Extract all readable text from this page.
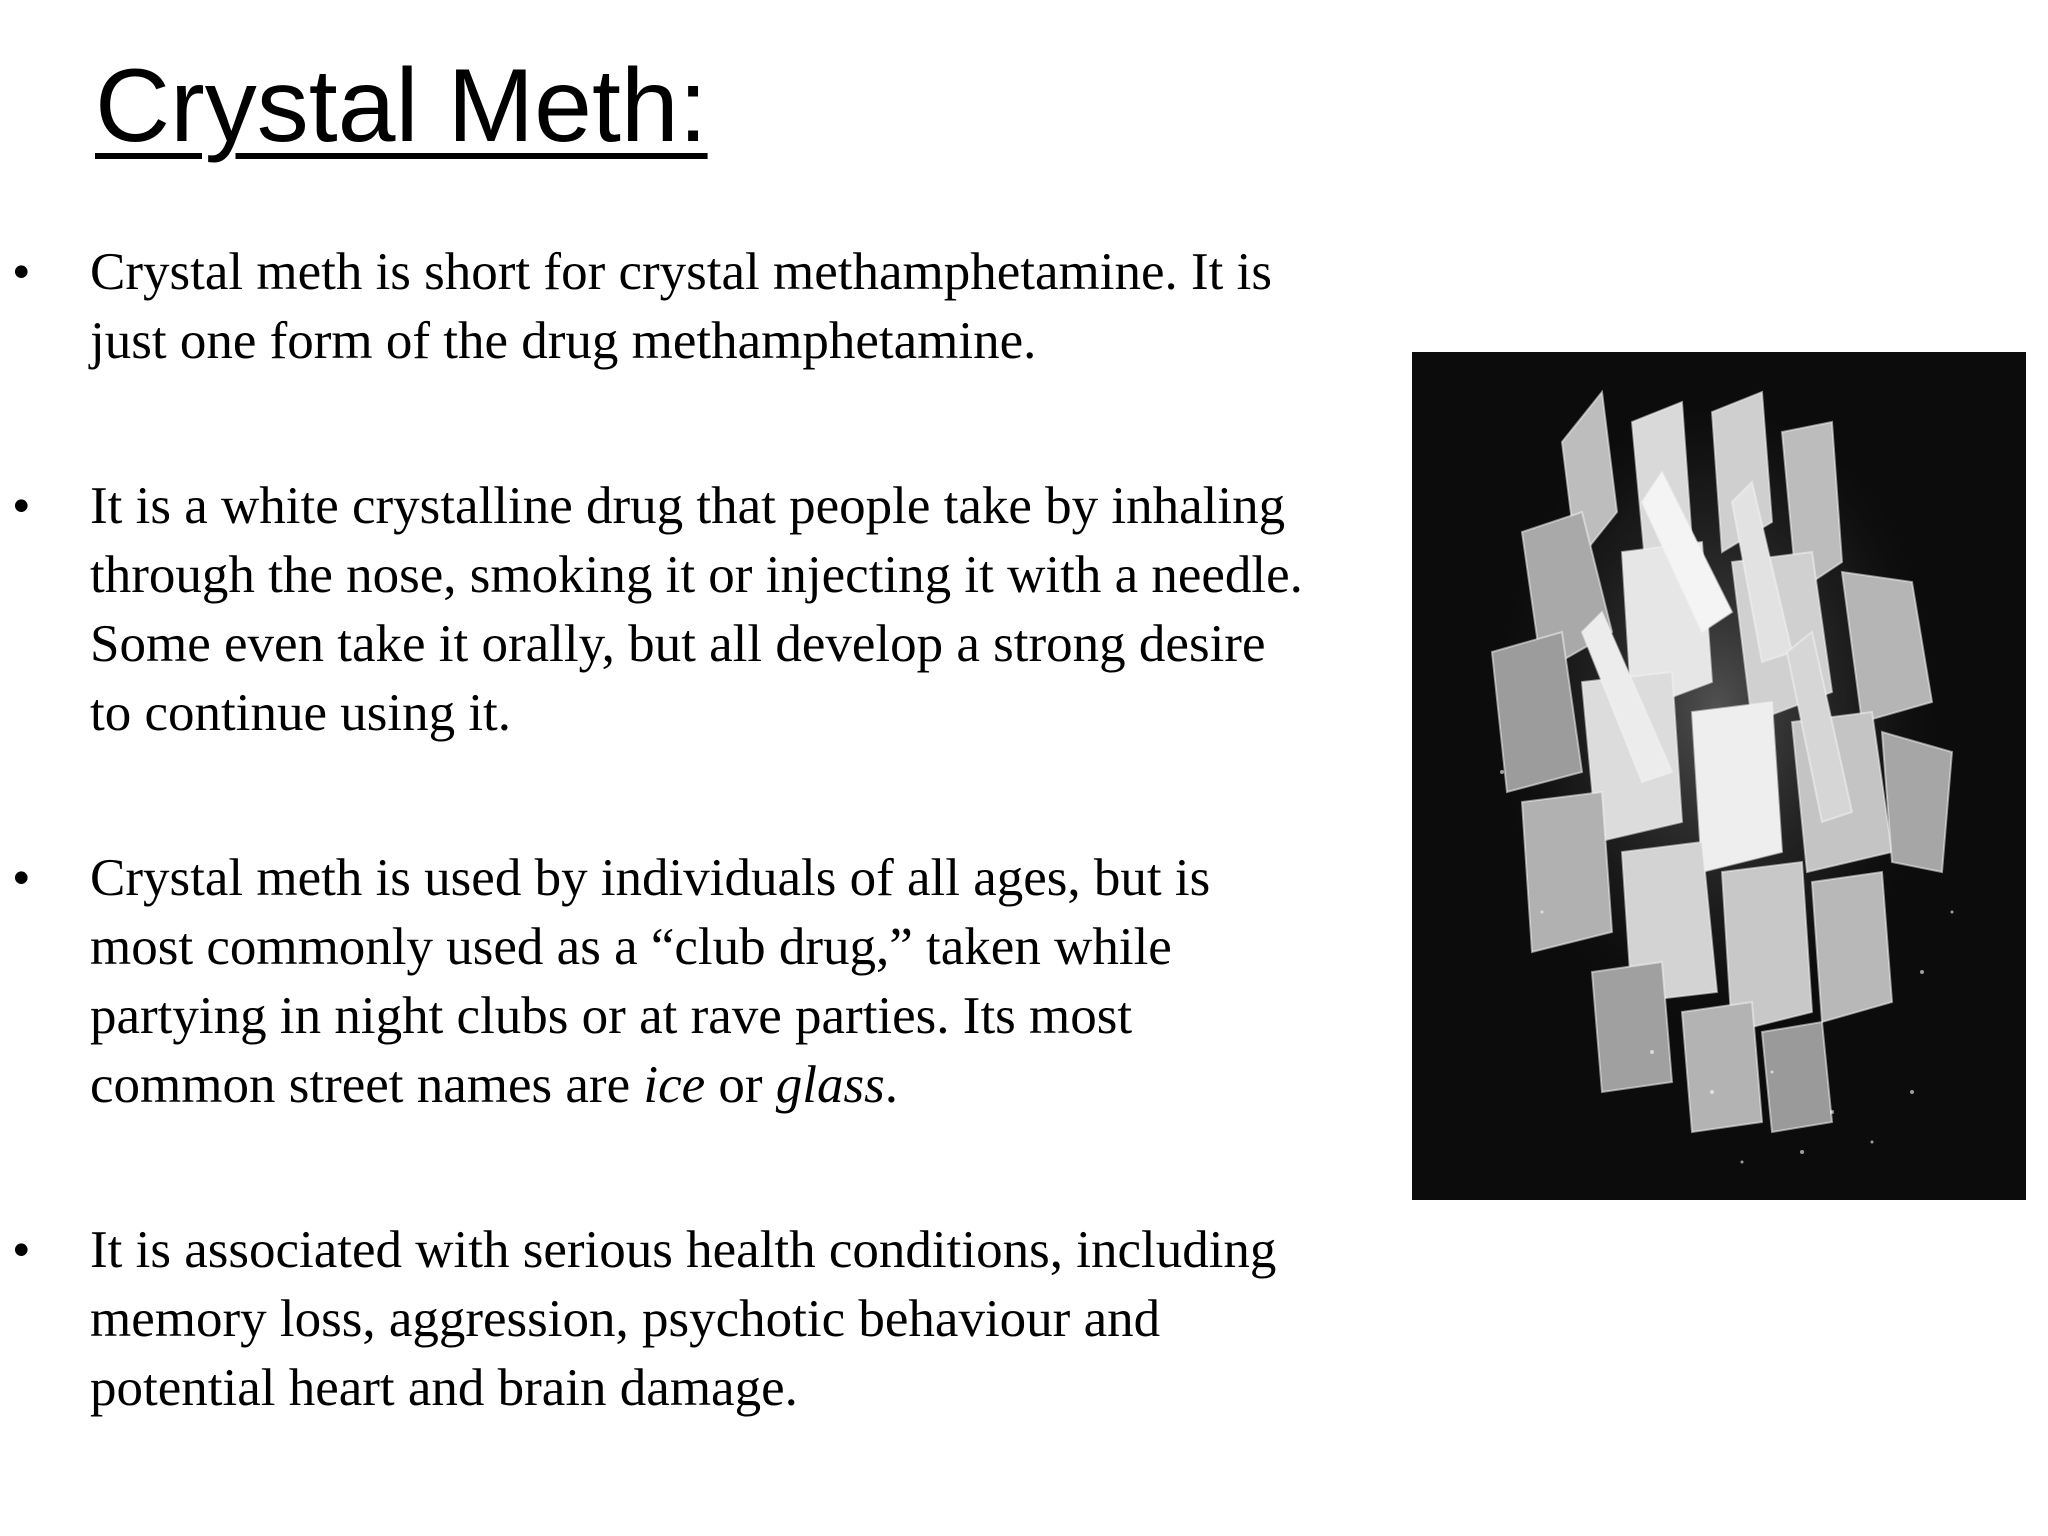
Crystal Meth:
• Crystal meth is short for crystal methamphetamine. It is
just one form of the drug methamphetamine.
• It is a white crystalline drug that people take by inhaling
through the nose, smoking it or injecting it with a needle.
Some even take it orally, but all develop a strong desire
to continue using it.
• Crystal meth is used by individuals of all ages, but is
most commonly used as a “club drug,” taken while
partying in night clubs or at rave parties. Its most
common street names are ice or glass.
• It is associated with serious health conditions, including
memory loss, aggression, psychotic behaviour and
potential heart and brain damage.
